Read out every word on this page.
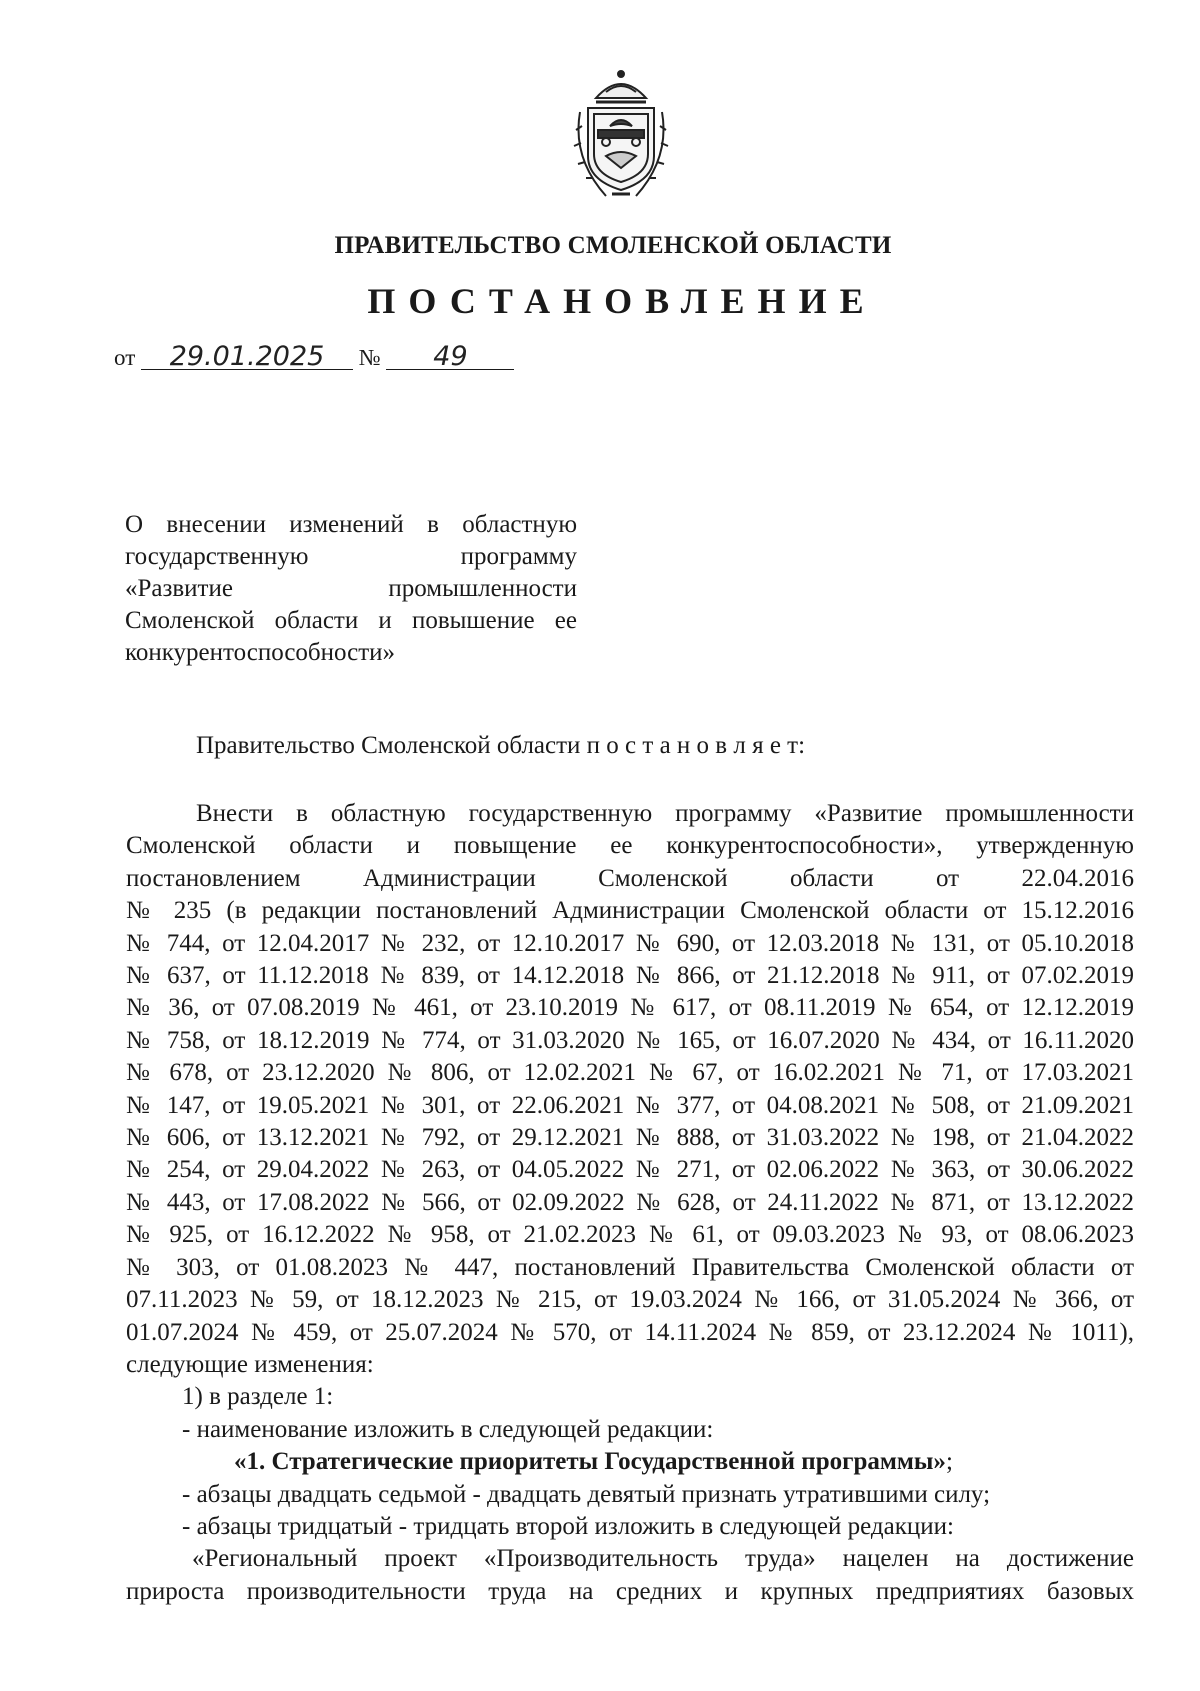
ПРАВИТЕЛЬСТВО СМОЛЕНСКОЙ ОБЛАСТИ
ПОСТАНОВЛЕНИЕ
от 29.01.2025 № 49
О внесении изменений в областную
государственную программу
«Развитие промышленности
Смоленской области и повышение ее
конкурентоспособности»
Правительство Смоленской области п о с т а н о в л я е т:
Внести в областную государственную программу «Развитие промышленности
Смоленской области и повыщение ее конкурентоспособности», утвержденную
постановлением Администрации Смоленской области от 22.04.2016
№ 235 (в редакции постановлений Администрации Смоленской области от 15.12.2016
№ 744, от 12.04.2017 № 232, от 12.10.2017 № 690, от 12.03.2018 № 131, от 05.10.2018
№ 637, от 11.12.2018 № 839, от 14.12.2018 № 866, от 21.12.2018 № 911, от 07.02.2019
№ 36, от 07.08.2019 № 461, от 23.10.2019 № 617, от 08.11.2019 № 654, от 12.12.2019
№ 758, от 18.12.2019 № 774, от 31.03.2020 № 165, от 16.07.2020 № 434, от 16.11.2020
№ 678, от 23.12.2020 № 806, от 12.02.2021 № 67, от 16.02.2021 № 71, от 17.03.2021
№ 147, от 19.05.2021 № 301, от 22.06.2021 № 377, от 04.08.2021 № 508, от 21.09.2021
№ 606, от 13.12.2021 № 792, от 29.12.2021 № 888, от 31.03.2022 № 198, от 21.04.2022
№ 254, от 29.04.2022 № 263, от 04.05.2022 № 271, от 02.06.2022 № 363, от 30.06.2022
№ 443, от 17.08.2022 № 566, от 02.09.2022 № 628, от 24.11.2022 № 871, от 13.12.2022
№ 925, от 16.12.2022 № 958, от 21.02.2023 № 61, от 09.03.2023 № 93, от 08.06.2023
№ 303, от 01.08.2023 № 447, постановлений Правительства Смоленской области от
07.11.2023 № 59, от 18.12.2023 № 215, от 19.03.2024 № 166, от 31.05.2024 № 366, от
01.07.2024 № 459, от 25.07.2024 № 570, от 14.11.2024 № 859, от 23.12.2024 № 1011),
следующие изменения:
1) в разделе 1:
- наименование изложить в следующей редакции:
«1. Стратегические приоритеты Государственной программы»;
- абзацы двадцать седьмой - двадцать девятый признать утратившими силу;
- абзацы тридцатый - тридцать второй изложить в следующей редакции:
«Региональный проект «Производительность труда» нацелен на достижение
прироста производительности труда на средних и крупных предприятиях базовых
